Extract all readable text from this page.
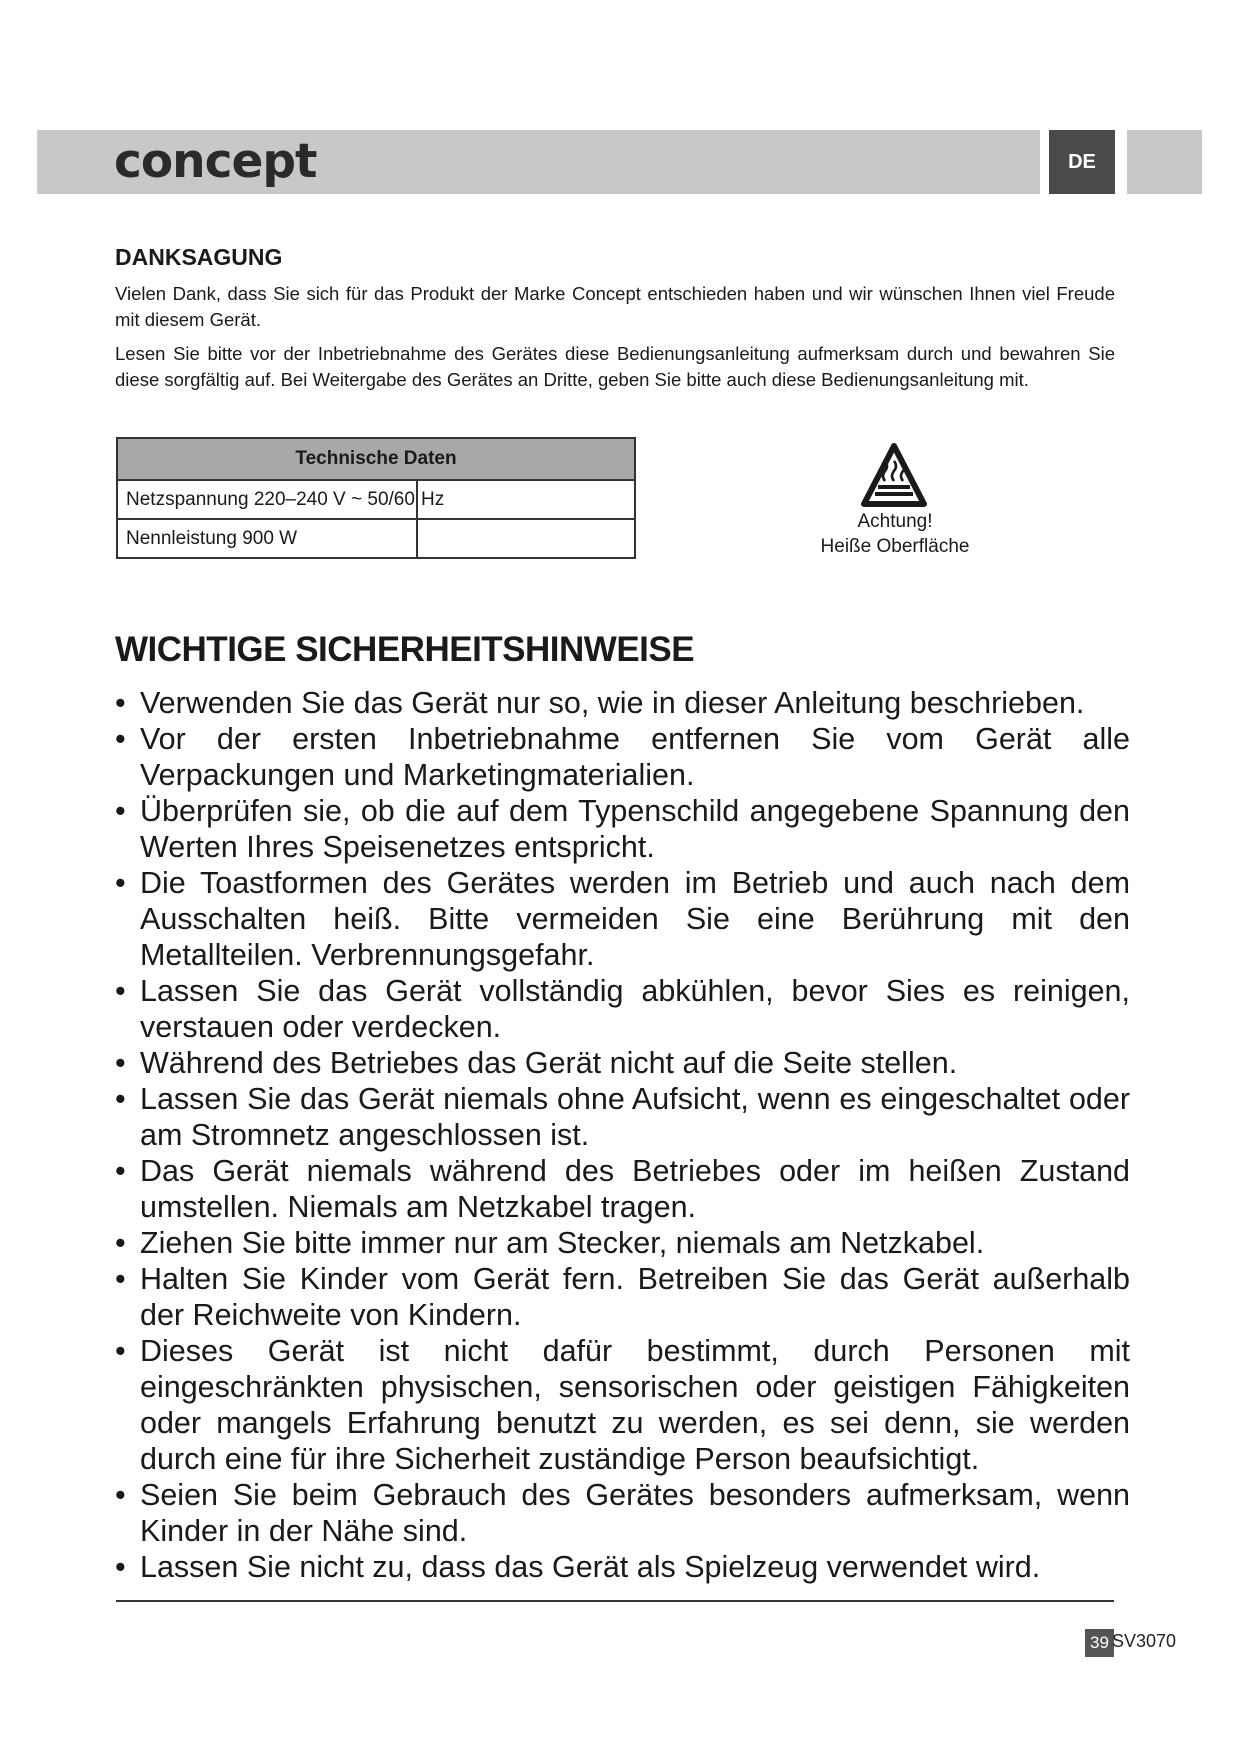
concept	DE
DANKSAGUNG

Vielen Dank, dass Sie sich für das Produkt der Marke Concept entschieden haben und wir wünschen Ihnen viel Freude mit diesem Gerät.

Lesen Sie bitte vor der Inbetriebnahme des Gerätes diese Bedienungsanleitung aufmerksam durch und bewahren Sie diese sorgfältig auf. Bei Weitergabe des Gerätes an Dritte, geben Sie bitte auch diese Bedienungsanleitung mit.

Technische Daten	
Netzspannung 220–240 V ~ 50/60	Hz
Nennleistung 900 W	
Achtung!
Heiße Oberfläche
WICHTIGE SICHERHEITSHINWEISE
• Verwenden Sie das Gerät nur so, wie in dieser Anleitung beschrieben.
• Vor der ersten Inbetriebnahme entfernen Sie vom Gerät alle Verpackungen und Marketingmaterialien.
• Überprüfen sie, ob die auf dem Typenschild angegebene Spannung den Werten Ihres Speisenetzes entspricht.
• Die Toastformen des Gerätes werden im Betrieb und auch nach dem Ausschalten heiß. Bitte vermeiden Sie eine Berührung mit den Metallteilen. Verbrennungsgefahr.
• Lassen Sie das Gerät vollständig abkühlen, bevor Sies es reinigen, verstauen oder verdecken.
• Während des Betriebes das Gerät nicht auf die Seite stellen.
• Lassen Sie das Gerät niemals ohne Aufsicht, wenn es eingeschaltet oder am Stromnetz angeschlossen ist.
• Das Gerät niemals während des Betriebes oder im heißen Zustand umstellen. Niemals am Netzkabel tragen.
• Ziehen Sie bitte immer nur am Stecker, niemals am Netzkabel.
• Halten Sie Kinder vom Gerät fern. Betreiben Sie das Gerät außerhalb der Reichweite von Kindern.
• Dieses Gerät ist nicht dafür bestimmt, durch Personen mit eingeschränkten physischen, sensorischen oder geistigen Fähigkeiten oder mangels Erfahrung benutzt zu werden, es sei denn, sie werden durch eine für ihre Sicherheit zuständige Person beaufsichtigt.
• Seien Sie beim Gebrauch des Gerätes besonders aufmerksam, wenn Kinder in der Nähe sind.
• Lassen Sie nicht zu, dass das Gerät als Spielzeug verwendet wird.
39 SV3070
